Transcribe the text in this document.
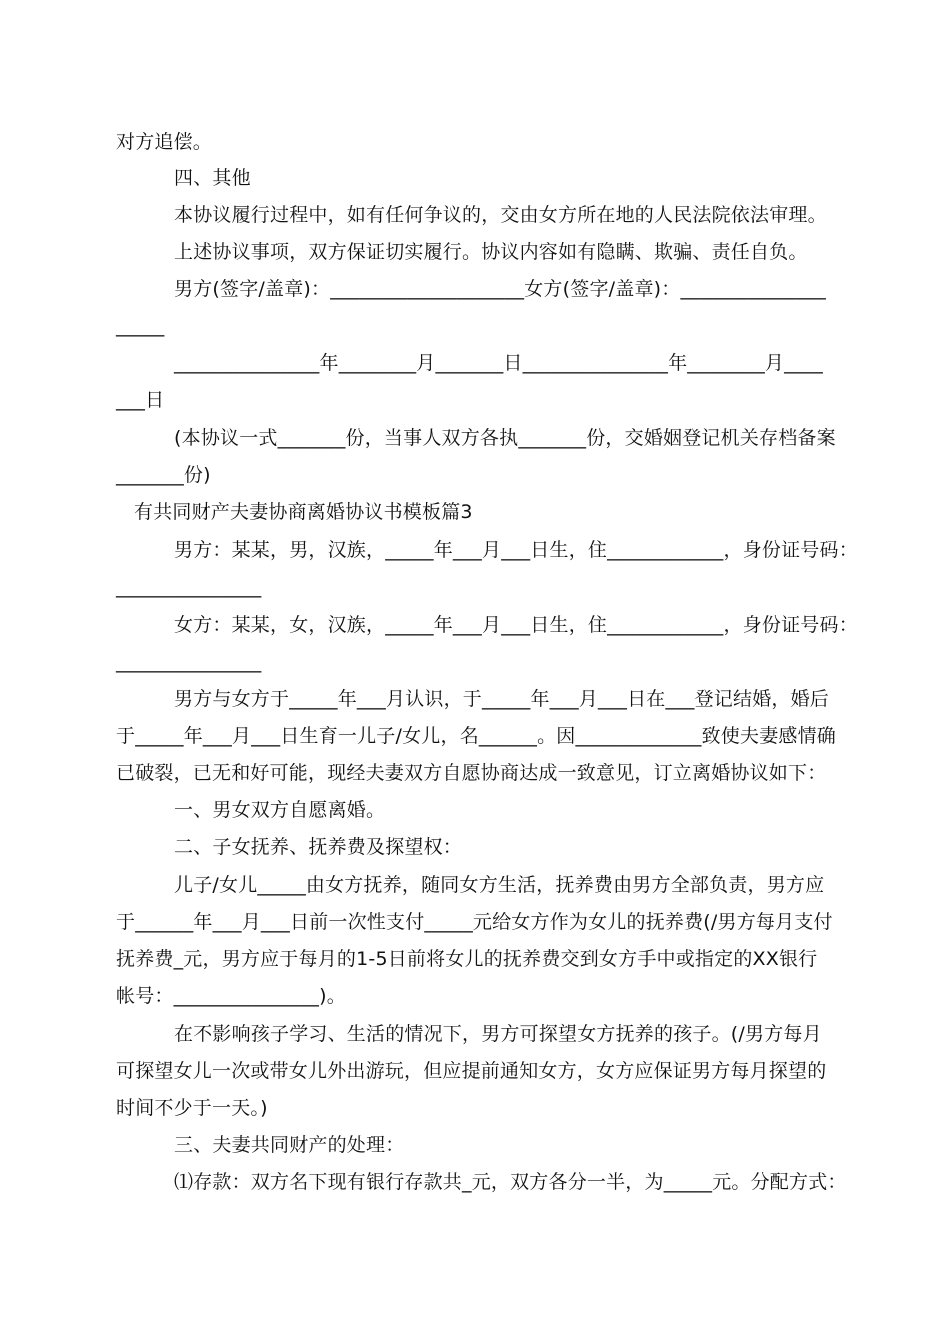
对方追偿。
四、其他
本协议履行过程中，如有任何争议的，交由女方所在地的人民法院依法审理。
上述协议事项，双方保证切实履行。协议内容如有隐瞒、欺骗、责任自负。
男方(签字/盖章)：____________________女方(签字/盖章)：_______________
_____
_______________年________月_______日_______________年________月____
___日
(本协议一式_______份，当事人双方各执_______份，交婚姻登记机关存档备案
_______份)
有共同财产夫妻协商离婚协议书模板篇3
男方：某某，男，汉族，_____年___月___日生，住____________，身份证号码：
_______________
女方：某某，女，汉族，_____年___月___日生，住____________，身份证号码：
_______________
男方与女方于_____年___月认识，于_____年___月___日在___登记结婚，婚后
于_____年___月___日生育一儿子/女儿，名______。因_____________致使夫妻感情确
已破裂，已无和好可能，现经夫妻双方自愿协商达成一致意见，订立离婚协议如下：
一、男女双方自愿离婚。
二、子女抚养、抚养费及探望权：
儿子/女儿_____由女方抚养，随同女方生活，抚养费由男方全部负责，男方应
于______年___月___日前一次性支付_____元给女方作为女儿的抚养费(/男方每月支付
抚养费_元，男方应于每月的1-5日前将女儿的抚养费交到女方手中或指定的XX银行
帐号：_______________)。
在不影响孩子学习、生活的情况下，男方可探望女方抚养的孩子。(/男方每月
可探望女儿一次或带女儿外出游玩，但应提前通知女方，女方应保证男方每月探望的
时间不少于一天。)
三、夫妻共同财产的处理：
⑴存款：双方名下现有银行存款共_元，双方各分一半，为_____元。分配方式：
